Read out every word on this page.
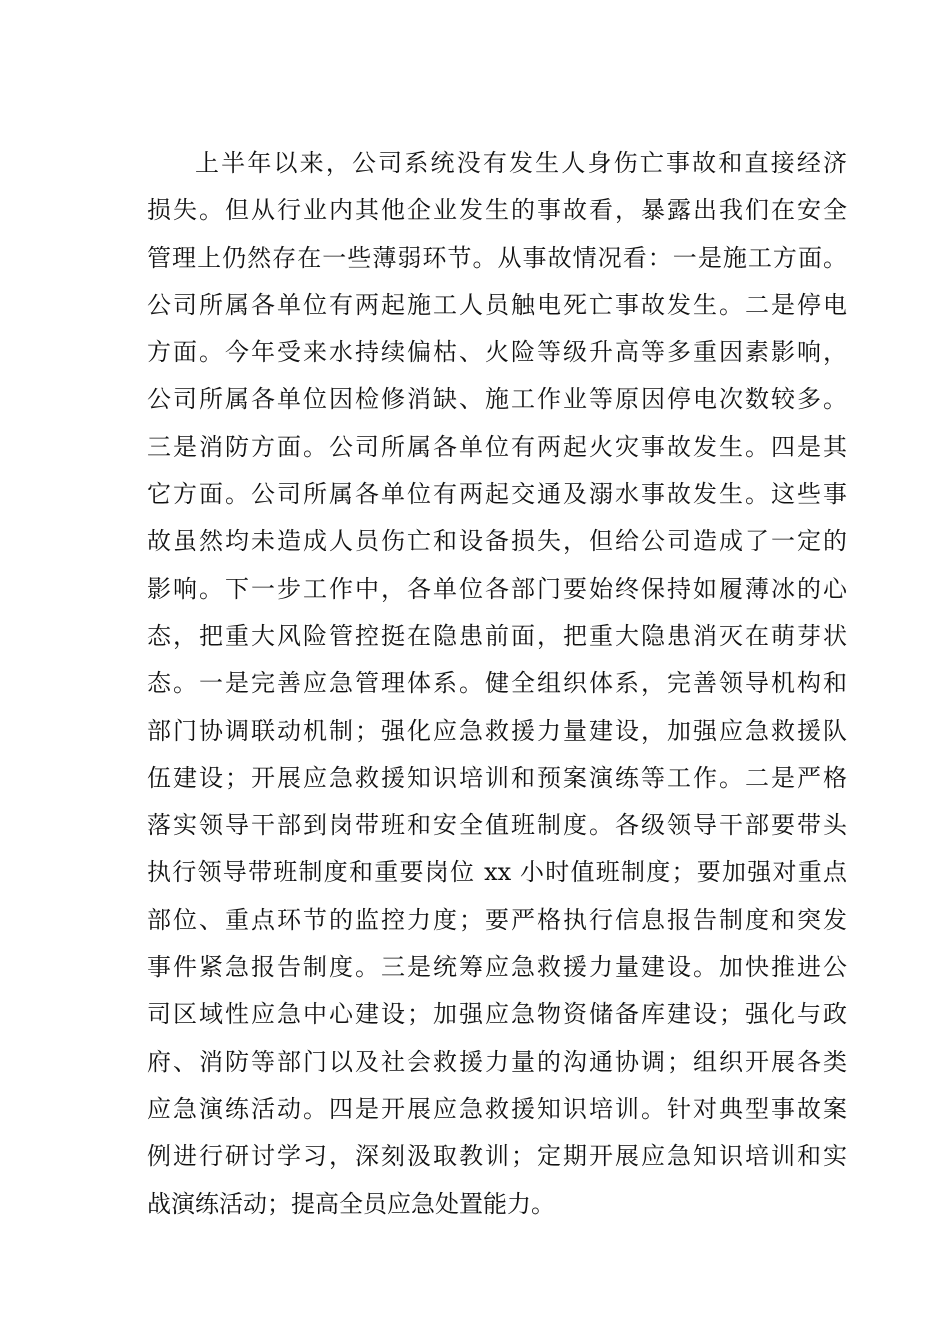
上半年以来，公司系统没有发生人身伤亡事故和直接经济
损失。但从行业内其他企业发生的事故看，暴露出我们在安全
管理上仍然存在一些薄弱环节。从事故情况看：一是施工方面。
公司所属各单位有两起施工人员触电死亡事故发生。二是停电
方面。今年受来水持续偏枯、火险等级升高等多重因素影响，
公司所属各单位因检修消缺、施工作业等原因停电次数较多。
三是消防方面。公司所属各单位有两起火灾事故发生。四是其
它方面。公司所属各单位有两起交通及溺水事故发生。这些事
故虽然均未造成人员伤亡和设备损失，但给公司造成了一定的
影响。下一步工作中，各单位各部门要始终保持如履薄冰的心
态，把重大风险管控挺在隐患前面，把重大隐患消灭在萌芽状
态。一是完善应急管理体系。健全组织体系，完善领导机构和
部门协调联动机制；强化应急救援力量建设，加强应急救援队
伍建设；开展应急救援知识培训和预案演练等工作。二是严格
落实领导干部到岗带班和安全值班制度。各级领导干部要带头
执行领导带班制度和重要岗位 xx 小时值班制度；要加强对重点
部位、重点环节的监控力度；要严格执行信息报告制度和突发
事件紧急报告制度。三是统筹应急救援力量建设。加快推进公
司区域性应急中心建设；加强应急物资储备库建设；强化与政
府、消防等部门以及社会救援力量的沟通协调；组织开展各类
应急演练活动。四是开展应急救援知识培训。针对典型事故案
例进行研讨学习，深刻汲取教训；定期开展应急知识培训和实
战演练活动；提高全员应急处置能力。
